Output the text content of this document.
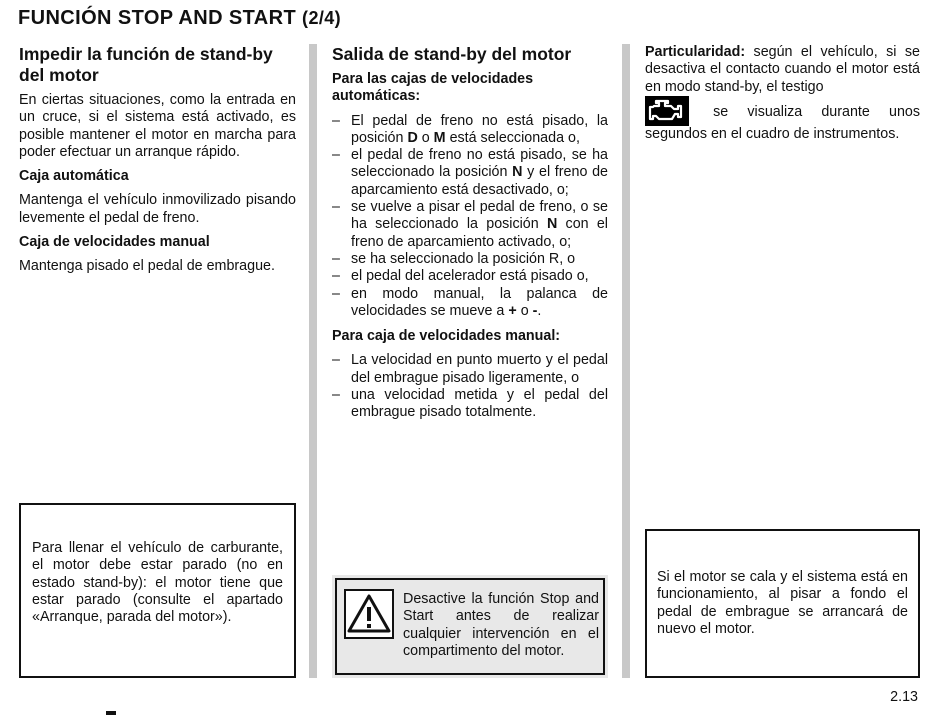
FUNCIÓN STOP AND START (2/4)
Impedir la función de stand-by del motor

En ciertas situaciones, como la entrada en un cruce, si el sistema está activado, es posible mantener el motor en marcha para poder efectuar un arranque rápido.

Caja automática

Mantenga el vehículo inmovilizado pisando levemente el pedal de freno.

Caja de velocidades manual

Mantenga pisado el pedal de embrague.

Para llenar el vehículo de carburante, el motor debe estar parado (no en estado stand-by): el motor tiene que estar parado (consulte el apartado «Arranque, parada del motor»).

Salida de stand-by del motor
Para las cajas de velocidades automáticas:
– El pedal de freno no está pisado, la posición D o M está seleccionada o,
– el pedal de freno no está pisado, se ha seleccionado la posición N y el freno de aparcamiento está desactivado, o;
– se vuelve a pisar el pedal de freno, o se ha seleccionado la posición N con el freno de aparcamiento activado, o;
– se ha seleccionado la posición R, o
– el pedal del acelerador está pisado o,
– en modo manual, la palanca de velocidades se mueve a + o -.
Para caja de velocidades manual:
– La velocidad en punto muerto y el pedal del embrague pisado ligeramente, o
– una velocidad metida y el pedal del embrague pisado totalmente.
Desactive la función Stop and Start antes de realizar cualquier intervención en el compartimento del motor.

Particularidad: según el vehículo, si se desactiva el contacto cuando el motor está en modo stand-by, el testigo
se visualiza durante unos segundos en el cuadro de instrumentos.

Si el motor se cala y el sistema está en funcionamiento, al pisar a fondo el pedal de embrague se arrancará de nuevo el motor.

2.13
